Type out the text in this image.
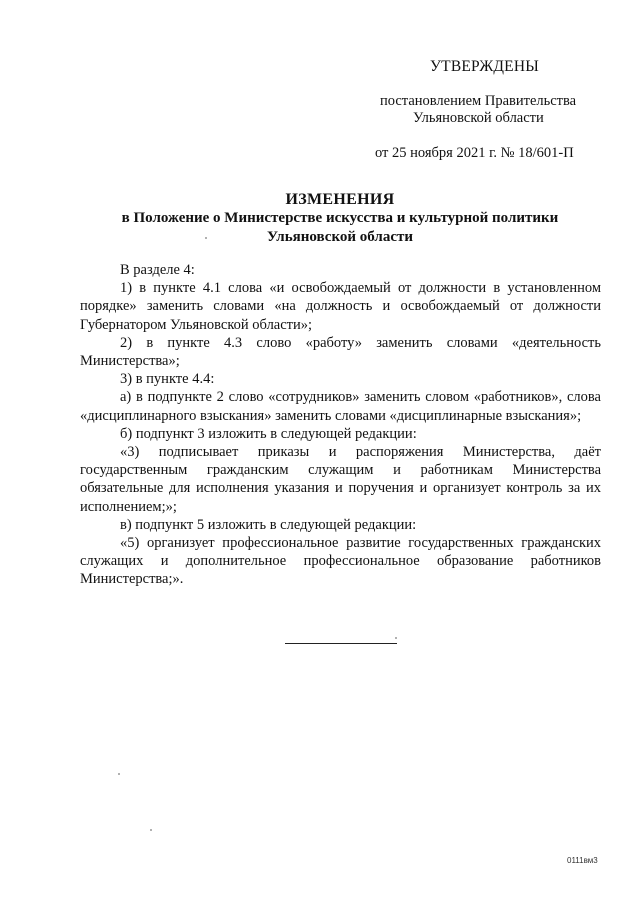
УТВЕРЖДЕНЫ
постановлением Правительства
Ульяновской области
от 25 ноября 2021 г. № 18/601-П
ИЗМЕНЕНИЯ
в Положение о Министерстве искусства и культурной политики
Ульяновской области

В разделе 4:

1) в пункте 4.1 слова «и освобождаемый от должности в установленном порядке» заменить словами «на должность и освобождаемый от должности Губернатором Ульяновской области»;

2) в пункте 4.3 слово «работу» заменить словами «деятельность Министерства»;

3) в пункте 4.4:

а) в подпункте 2 слово «сотрудников» заменить словом «работников», слова «дисциплинарного взыскания» заменить словами «дисциплинарные взыскания»;

б) подпункт 3 изложить в следующей редакции:

«3) подписывает приказы и распоряжения Министерства, даёт государственным гражданским служащим и работникам Министерства обязательные для исполнения указания и поручения и организует контроль за их исполнением;»;

в) подпункт 5 изложить в следующей редакции:

«5) организует профессиональное развитие государственных гражданских служащих и дополнительное профессиональное образование работников Министерства;».

0111вм3
